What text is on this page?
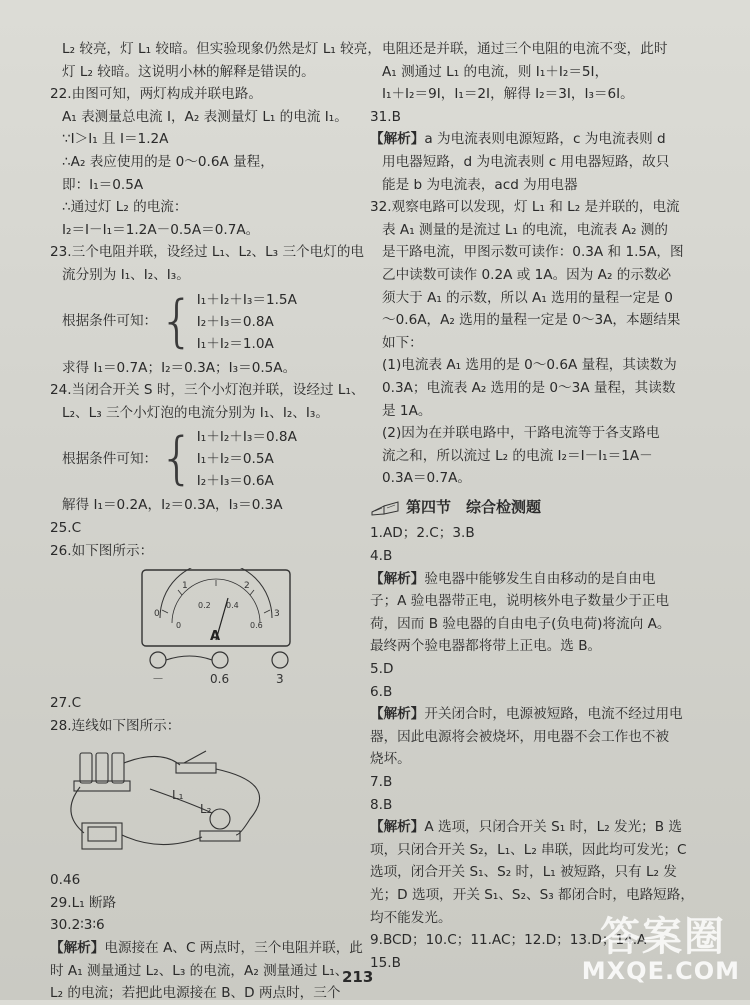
L₂ 较亮，灯 L₁ 较暗。但实验现象仍然是灯 L₁ 较亮，
灯 L₂ 较暗。这说明小林的解释是错误的。
22.由图可知，两灯构成并联电路。
A₁ 表测量总电流 I，A₂ 表测量灯 L₁ 的电流 I₁。
∵I＞I₁ 且 I＝1.2A
∴A₂ 表应使用的是 0～0.6A 量程，
即：I₁＝0.5A
∴通过灯 L₂ 的电流：
I₂＝I－I₁＝1.2A－0.5A＝0.7A。
23.三个电阻并联，设经过 L₁、L₂、L₃ 三个电灯的电
流分别为 I₁、I₂、I₃。
根据条件可知： { I₁＋I₂＋I₃＝1.5A
I₂＋I₃＝0.8A
I₁＋I₂＝1.0A
求得 I₁＝0.7A；I₂＝0.3A；I₃＝0.5A。
24.当闭合开关 S 时，三个小灯泡并联，设经过 L₁、
L₂、L₃ 三个小灯泡的电流分别为 I₁、I₂、I₃。
根据条件可知： { I₁＋I₂＋I₃＝0.8A
I₁＋I₂＝0.5A
I₂＋I₃＝0.6A
解得 I₁＝0.2A，I₂＝0.3A，I₃＝0.3A
25.C
26.如下图所示：
0
1	2
3
0
0.2 0.4
0.6
A
－	0.6	3
27.C
28.连线如下图所示：
L₁
L₂
0.46
29.L₁ 断路
30.2∶3∶6
【解析】电源接在 A、C 两点时，三个电阻并联，此
时 A₁ 测量通过 L₂、L₃ 的电流，A₂ 测量通过 L₁、
L₂ 的电流；若把此电源接在 B、D 两点时，三个
电阻还是并联，通过三个电阻的电流不变，此时
A₁ 测通过 L₁ 的电流，则 I₁＋I₂＝5I，
I₁＋I₂＝9I，I₁＝2I，解得 I₂＝3I，I₃＝6I。
31.B
【解析】a 为电流表则电源短路，c 为电流表则 d
用电器短路，d 为电流表则 c 用电器短路，故只
能是 b 为电流表，acd 为用电器
32.观察电路可以发现，灯 L₁ 和 L₂ 是并联的，电流
表 A₁ 测量的是流过 L₁ 的电流，电流表 A₂ 测的
是干路电流，甲图示数可读作：0.3A 和 1.5A，图
乙中读数可读作 0.2A 或 1A。因为 A₂ 的示数必
须大于 A₁ 的示数，所以 A₁ 选用的量程一定是 0
～0.6A，A₂ 选用的量程一定是 0～3A，本题结果
如下：
(1)电流表 A₁ 选用的是 0～0.6A 量程，其读数为
0.3A；电流表 A₂ 选用的是 0～3A 量程，其读数
是 1A。
(2)因为在并联电路中，干路电流等于各支路电
流之和，所以流过 L₂ 的电流 I₂＝I－I₁＝1A－
0.3A＝0.7A。
第四节　综合检测题
1.AD；2.C；3.B
4.B
【解析】验电器中能够发生自由移动的是自由电
子；A 验电器带正电，说明核外电子数量少于正电
荷，因而 B 验电器的自由电子(负电荷)将流向 A。
最终两个验电器都将带上正电。选 B。
5.D
6.B
【解析】开关闭合时，电源被短路，电流不经过用电
器，因此电源将会被烧坏，用电器不会工作也不被
烧坏。
7.B
8.B
【解析】A 选项，只闭合开关 S₁ 时，L₂ 发光；B 选
项，只闭合开关 S₂，L₁、L₂ 串联，因此均可发光；C
选项，闭合开关 S₁、S₂ 时，L₁ 被短路，只有 L₂ 发
光；D 选项，开关 S₁、S₂、S₃ 都闭合时，电路短路，
均不能发光。
9.BCD；10.C；11.AC；12.D；13.D；14.A
15.B
213
答案圈
MXQE.COM
